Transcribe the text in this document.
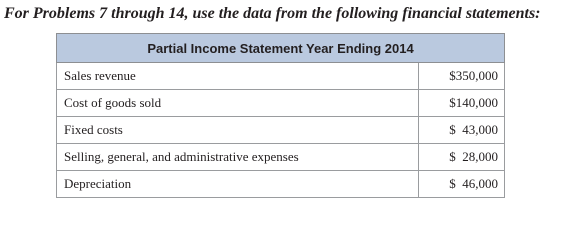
For Problems 7 through 14, use the data from the following financial statements:
Partial Income Statement Year Ending 2014	
Sales revenue	$350,000
Cost of goods sold	$140,000
Fixed costs	$  43,000
Selling, general, and administrative expenses	$  28,000
Depreciation	$  46,000
